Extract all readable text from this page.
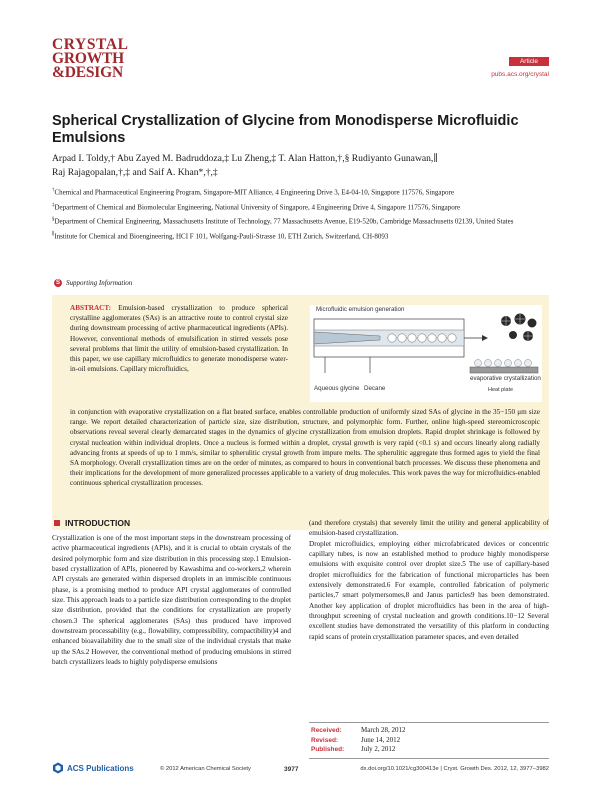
CRYSTAL
GROWTH
&DESIGN
Article
pubs.acs.org/crystal
Spherical Crystallization of Glycine from Monodisperse Microfluidic Emulsions
Arpad I. Toldy,† Abu Zayed M. Badruddoza,‡ Lu Zheng,‡ T. Alan Hatton,†,§ Rudiyanto Gunawan,∥
Raj Rajagopalan,†,‡ and Saif A. Khan*,†,‡
†Chemical and Pharmaceutical Engineering Program, Singapore-MIT Alliance, 4 Engineering Drive 3, E4-04-10, Singapore 117576, Singapore
‡Department of Chemical and Biomolecular Engineering, National University of Singapore, 4 Engineering Drive 4, Singapore 117576, Singapore
§Department of Chemical Engineering, Massachusetts Institute of Technology, 77 Massachusetts Avenue, E19-520b, Cambridge Massachusetts 02139, United States
∥Institute for Chemical and Bioengineering, HCI F 101, Wolfgang-Pauli-Strasse 10, ETH Zurich, Switzerland, CH-8093
S Supporting Information
ABSTRACT: Emulsion-based crystallization to produce spherical crystalline agglomerates (SAs) is an attractive route to control crystal size during downstream processing of active pharmaceutical ingredients (APIs). However, conventional methods of emulsification in stirred vessels pose several problems that limit the utility of emulsion-based crystallization. In this paper, we use capillary microfluidics to generate monodisperse water-in-oil emulsions. Capillary microfluidics,
Microfluidic emulsion generation
Aqueous glycine Decane
evaporative crystallization
Heat plate
in conjunction with evaporative crystallization on a flat heated surface, enables controllable production of uniformly sized SAs of glycine in the 35−150 μm size range. We report detailed characterization of particle size, size distribution, structure, and polymorphic form. Further, online high-speed stereomicroscopic observations reveal several clearly demarcated stages in the dynamics of glycine crystallization from emulsion droplets. Rapid droplet shrinkage is followed by crystal nucleation within individual droplets. Once a nucleus is formed within a droplet, crystal growth is very rapid (<0.1 s) and occurs linearly along radially advancing fronts at speeds of up to 1 mm/s, similar to spherulitic crystal growth from impure melts. The spherulitic aggregate thus formed ages to yield the final SA morphology. Overall crystallization times are on the order of minutes, as compared to hours in conventional batch processes. We discuss these phenomena and their implications for the development of more generalized processes applicable to a variety of drug molecules. This work paves the way for microfluidics-enabled continuous spherical crystallization processes.
INTRODUCTION
Crystallization is one of the most important steps in the downstream processing of active pharmaceutical ingredients (APIs), and it is crucial to obtain crystals of the desired polymorphic form and size distribution in this processing step.1 Emulsion-based crystallization of APIs, pioneered by Kawashima and co-workers,2 wherein API crystals are generated within dispersed droplets in an immiscible continuous phase, is a promising method to produce API crystal agglomerates of controlled size. This approach leads to a particle size distribution corresponding to the droplet size distribution, provided that the conditions for crystallization are properly chosen.3 The spherical agglomerates (SAs) thus produced have improved downstream processability (e.g., flowability, compressibility, compactibility)4 and enhanced bioavailability due to the small size of the individual crystals that make up the SAs.2 However, the conventional method of producing emulsions in stirred batch crystallizers leads to highly polydisperse emulsions
(and therefore crystals) that severely limit the utility and general applicability of emulsion-based crystallization.
Droplet microfluidics, employing either microfabricated devices or concentric capillary tubes, is now an established method to produce highly monodisperse emulsions with exquisite control over droplet size.5 The use of capillary-based droplet microfluidics for the fabrication of functional microparticles has been extensively demonstrated.6 For example, controlled fabrication of polymeric particles,7 smart polymersomes,8 and Janus particles9 has been demonstrated. Another key application of droplet microfluidics has been in the area of high-throughput screening of crystal nucleation and growth conditions.10−12 Several excellent studies have demonstrated the versatility of this platform in conducting rapid scans of protein crystallization parameter spaces, and even detailed
Received:	March 28, 2012
Revised:	June 14, 2012
Published:	July 2, 2012
ACS Publications	© 2012 American Chemical Society	3977	dx.doi.org/10.1021/cg300413e | Cryst. Growth Des. 2012, 12, 3977−3982
